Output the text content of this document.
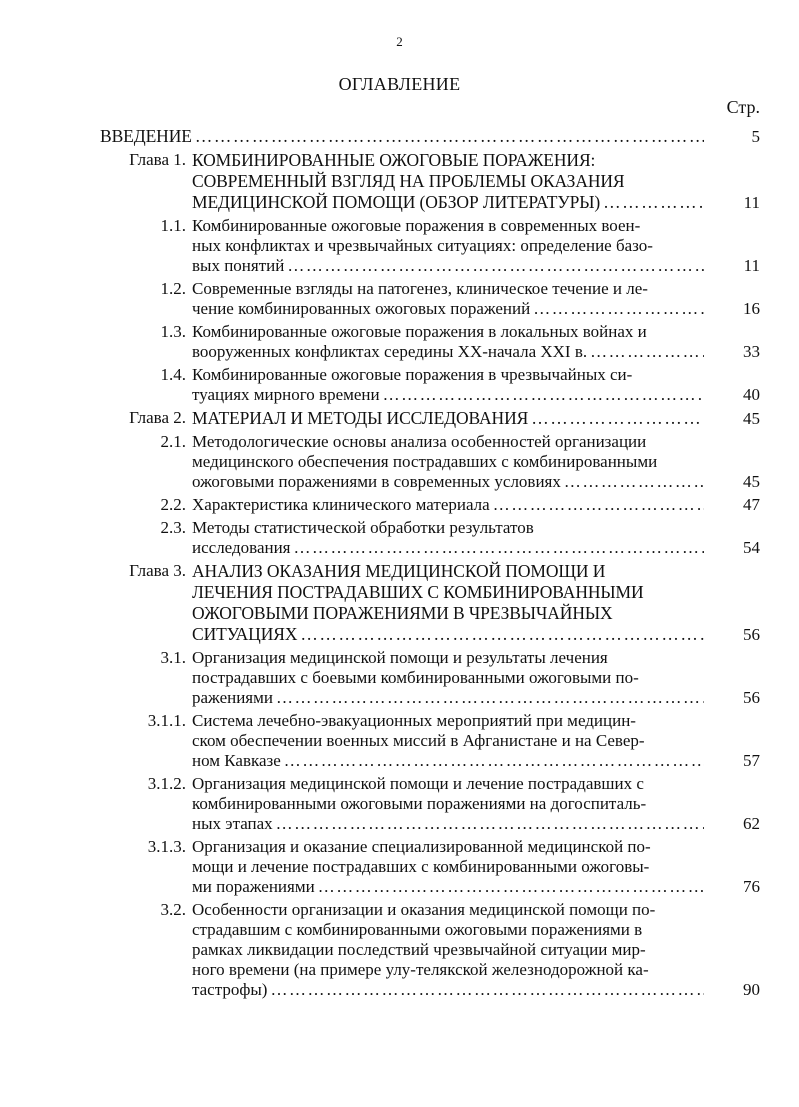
2
ОГЛАВЛЕНИЕ
Стр.
ВВЕДЕНИЕ …………………………………………………………………………………………………………………………………………	5
Глава 1. КОМБИНИРОВАННЫЕ ОЖОГОВЫЕ ПОРАЖЕНИЯ:
СОВРЕМЕННЫЙ ВЗГЛЯД НА ПРОБЛЕМЫ ОКАЗАНИЯ
МЕДИЦИНСКОЙ ПОМОЩИ (ОБЗОР ЛИТЕРАТУРЫ) …………………………………………………………………………………………………………………………………………	11
1.1. Комбинированные ожоговые поражения в современных воен-
ных конфликтах и чрезвычайных ситуациях: определение базо-
вых понятий …………………………………………………………………………………………………………………………………………	11
1.2. Современные взгляды на патогенез, клиническое течение и ле-
чение комбинированных ожоговых поражений …………………………………………………………………………………………………………………………………………	16
1.3. Комбинированные ожоговые поражения в локальных войнах и
вооруженных конфликтах середины XX-начала XXI в. …………………………………………………………………………………………………………………………………………	33
1.4. Комбинированные ожоговые поражения в чрезвычайных си-
туациях мирного времени …………………………………………………………………………………………………………………………………………	40
Глава 2. МАТЕРИАЛ И МЕТОДЫ ИССЛЕДОВАНИЯ …………………………………………………………………………………………………………………………………………	45
2.1. Методологические основы анализа особенностей организации
медицинского обеспечения пострадавших с комбинированными
ожоговыми поражениями в современных условиях …………………………………………………………………………………………………………………………………………	45
2.2. Характеристика клинического материала …………………………………………………………………………………………………………………………………………	47
2.3. Методы статистической обработки результатов
исследования …………………………………………………………………………………………………………………………………………	54
Глава 3. АНАЛИЗ ОКАЗАНИЯ МЕДИЦИНСКОЙ ПОМОЩИ И
ЛЕЧЕНИЯ ПОСТРАДАВШИХ С КОМБИНИРОВАННЫМИ
ОЖОГОВЫМИ ПОРАЖЕНИЯМИ В ЧРЕЗВЫЧАЙНЫХ
СИТУАЦИЯХ …………………………………………………………………………………………………………………………………………	56
3.1. Организация медицинской помощи и результаты лечения
пострадавших с боевыми комбинированными ожоговыми по-
ражениями …………………………………………………………………………………………………………………………………………	56
3.1.1. Система лечебно-эвакуационных мероприятий при медицин-
ском обеспечении военных миссий в Афганистане и на Север-
ном Кавказе …………………………………………………………………………………………………………………………………………	57
3.1.2. Организация медицинской помощи и лечение пострадавших с
комбинированными ожоговыми поражениями на догоспиталь-
ных этапах …………………………………………………………………………………………………………………………………………	62
3.1.3. Организация и оказание специализированной медицинской по-
мощи и лечение пострадавших с комбинированными ожоговы-
ми поражениями …………………………………………………………………………………………………………………………………………	76
3.2. Особенности организации и оказания медицинской помощи по-
страдавшим с комбинированными ожоговыми поражениями в
рамках ликвидации последствий чрезвычайной ситуации мир-
ного времени (на примере улу-телякской железнодорожной ка-
тастрофы) …………………………………………………………………………………………………………………………………………	90
